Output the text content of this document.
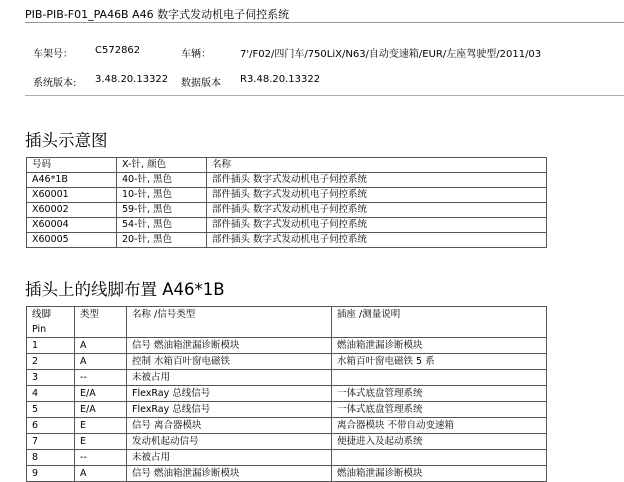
PIB-PIB-F01_PA46B A46 数字式发动机电子伺控系统
车架号： C572862	车辆：	7'/F02/四门车/750LiX/N63/自动变速箱/EUR/左座驾驶型/2011/03
系统版本: 3.48.20.13322 数据版本 R3.48.20.13322
插头示意图
号码	X-针, 颜色	名称
A46*1B	40-针, 黑色	部件插头 数字式发动机电子伺控系统
X60001	10-针, 黑色	部件插头 数字式发动机电子伺控系统
X60002	59-针, 黑色	部件插头 数字式发动机电子伺控系统
X60004	54-针, 黑色	部件插头 数字式发动机电子伺控系统
X60005	20-针, 黑色	部件插头 数字式发动机电子伺控系统
插头上的线脚布置 A46*1B
线脚
Pin	类型	名称 /信号类型	插座 /测量说明
1	A	信号 燃油箱泄漏诊断模块	燃油箱泄漏诊断模块
2	A	控制 水箱百叶窗电磁铁	水箱百叶窗电磁铁 5 系
3	--	未被占用	
4	E/A	FlexRay 总线信号	一体式底盘管理系统
5	E/A	FlexRay 总线信号	一体式底盘管理系统
6	E	信号 离合器模块	离合器模块 不带自动变速箱
7	E	发动机起动信号	便捷进入及起动系统
8	--	未被占用	
9	A	信号 燃油箱泄漏诊断模块	燃油箱泄漏诊断模块
